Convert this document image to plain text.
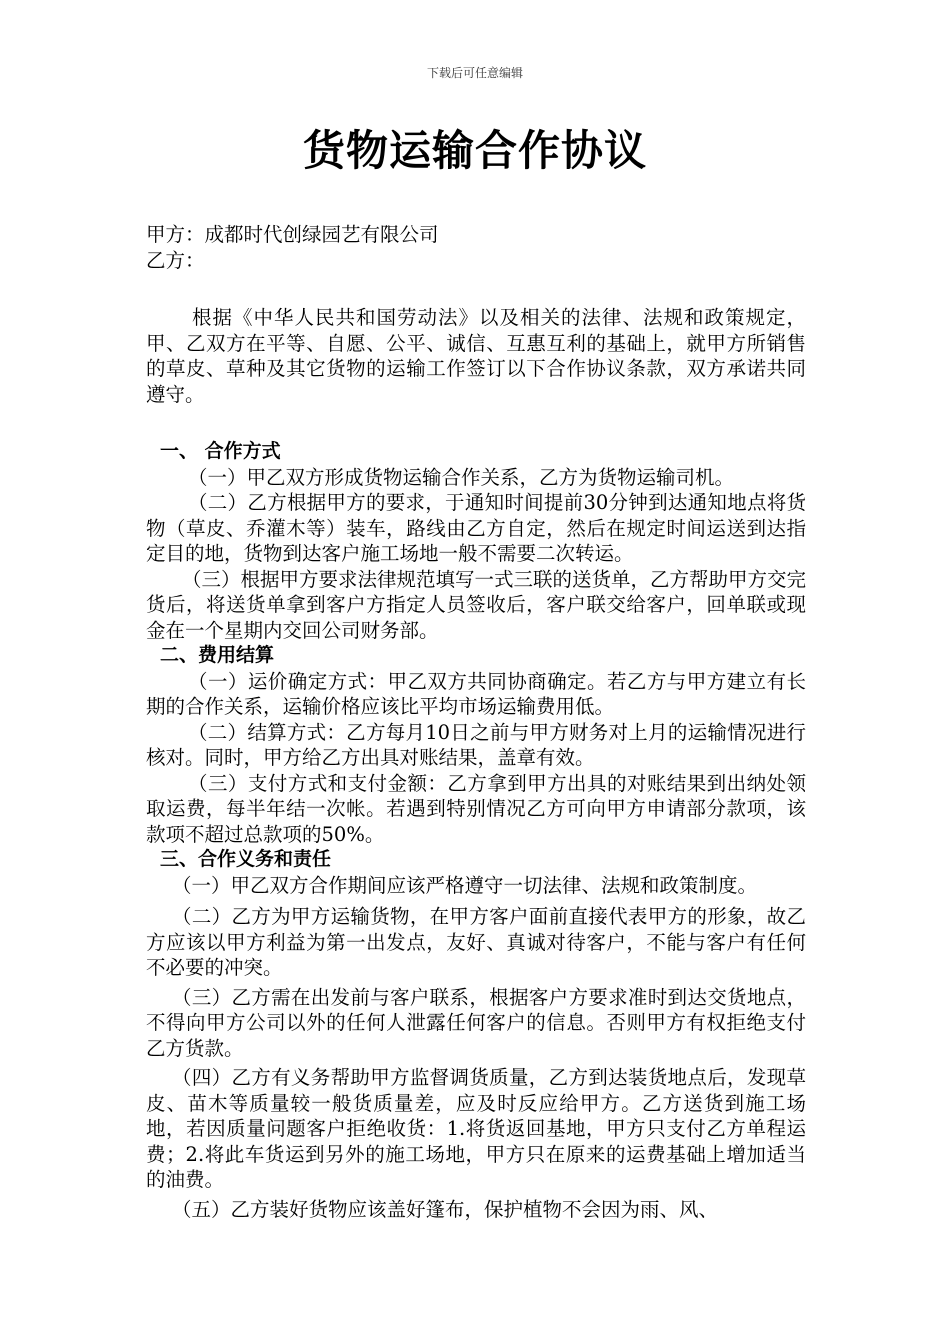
下载后可任意编辑
货物运输合作协议

甲方：成都时代创绿园艺有限公司

乙方：

根据《中华人民共和国劳动法》以及相关的法律、法规和政策规定，甲、乙双方在平等、自愿、公平、诚信、互惠互利的基础上，就甲方所销售的草皮、草种及其它货物的运输工作签订以下合作协议条款，双方承诺共同遵守。

一、 合作方式

（一）甲乙双方形成货物运输合作关系，乙方为货物运输司机。

（二）乙方根据甲方的要求，于通知时间提前30分钟到达通知地点将货物（草皮、乔灌木等）装车，路线由乙方自定，然后在规定时间运送到达指定目的地，货物到达客户施工场地一般不需要二次转运。

（三）根据甲方要求法律规范填写一式三联的送货单，乙方帮助甲方交完货后，将送货单拿到客户方指定人员签收后，客户联交给客户，回单联或现金在一个星期内交回公司财务部。

二、费用结算

（一）运价确定方式：甲乙双方共同协商确定。若乙方与甲方建立有长期的合作关系，运输价格应该比平均市场运输费用低。

（二）结算方式：乙方每月10日之前与甲方财务对上月的运输情况进行核对。同时，甲方给乙方出具对账结果，盖章有效。

（三）支付方式和支付金额：乙方拿到甲方出具的对账结果到出纳处领取运费，每半年结一次帐。若遇到特别情况乙方可向甲方申请部分款项，该款项不超过总款项的50%。

三、合作义务和责任

（一）甲乙双方合作期间应该严格遵守一切法律、法规和政策制度。

（二）乙方为甲方运输货物，在甲方客户面前直接代表甲方的形象，故乙方应该以甲方利益为第一出发点，友好、真诚对待客户，不能与客户有任何不必要的冲突。

（三）乙方需在出发前与客户联系，根据客户方要求准时到达交货地点，不得向甲方公司以外的任何人泄露任何客户的信息。否则甲方有权拒绝支付乙方货款。

（四）乙方有义务帮助甲方监督调货质量，乙方到达装货地点后，发现草皮、苗木等质量较一般货质量差，应及时反应给甲方。乙方送货到施工场地，若因质量问题客户拒绝收货：1.将货返回基地，甲方只支付乙方单程运费；2.将此车货运到另外的施工场地，甲方只在原来的运费基础上增加适当的油费。

（五）乙方装好货物应该盖好篷布，保护植物不会因为雨、风、
